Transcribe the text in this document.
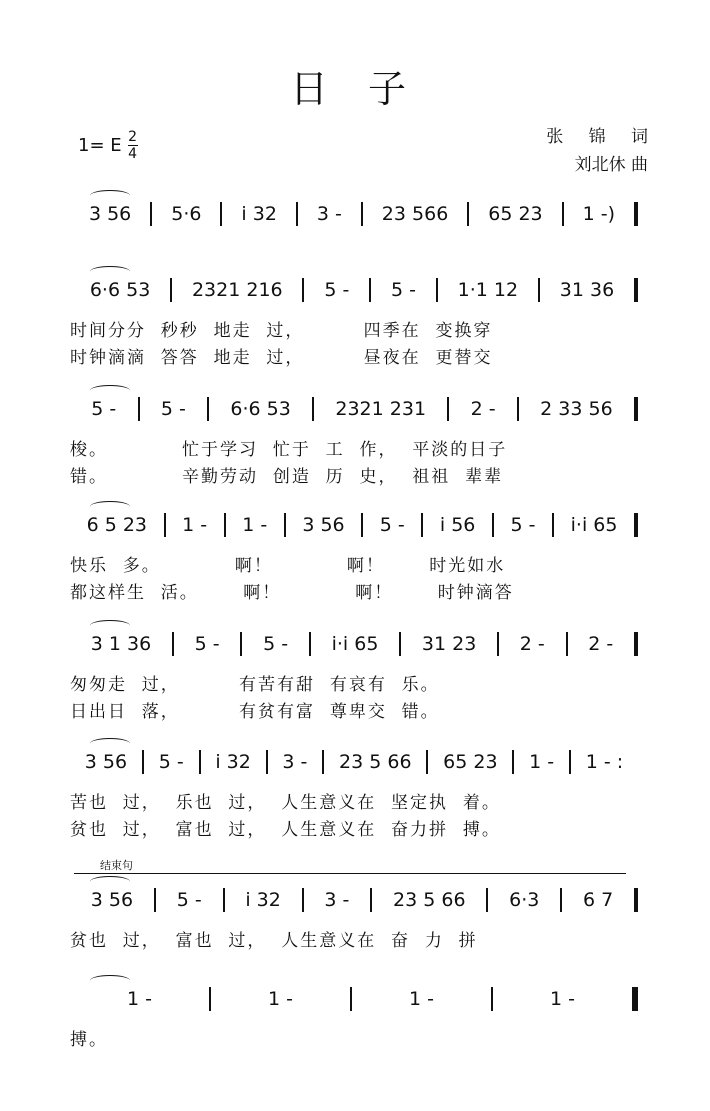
日 子
1= E $\frac{2}{4}$	张 锦 词
刘北休 曲
结束句
3 56	5·6	i 32	3 -	23 566	65 23	1 -)
6·6 53	2321 216	5 -	5 -	1·1 12	31 36
时间分分  秒秒  地走  过，        四季在  变换穿
时钟滴滴  答答  地走  过，        昼夜在  更替交
5 -	5 -	6·6 53	2321 231	2 -	2 33 56
梭。          忙于学习  忙于  工  作，  平淡的日子
错。          辛勤劳动  创造  历  史，  祖祖  辈辈
6 5 23	1 -	1 -	3 56	5 -	i 56	5 -	i·i 65
快乐  多。          啊！          啊！      时光如水
都这样生  活。      啊！          啊！      时钟滴答
3 1 36	5 -	5 -	i·i 65	31 23	2 -	2 -
匆匆走  过，        有苦有甜  有哀有  乐。
日出日  落，        有贫有富  尊卑交  错。
3 56	5 -	i 32	3 -	23 5 66	65 23	1 -	1 - :
苦也  过，  乐也  过，  人生意义在  坚定执  着。
贫也  过，  富也  过，  人生意义在  奋力拼  搏。
3 56	5 -	i 32	3 -	23 5 66	6·3	6 7
贫也  过，  富也  过，  人生意义在  奋  力  拼
1 -	1 -	1 -	1 -
搏。
